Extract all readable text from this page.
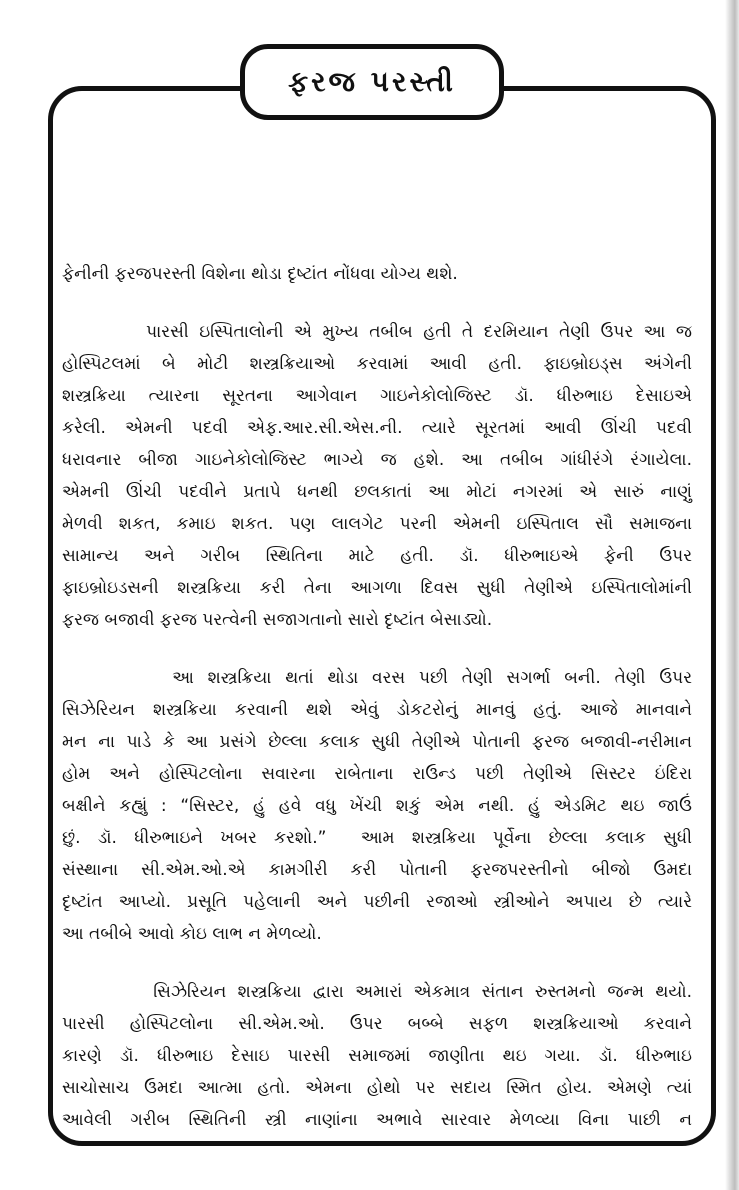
ફરજ પરસ્તી

ફેનીની ફરજપરસ્તી વિશેના થોડા દૃષ્ટાંત નોંધવા યોગ્ય થશે.

પારસી ઇસ્પિતાલોની એ મુખ્ય તબીબ હતી તે દરમિયાન તેણી ઉપર આ જ
હોસ્પિટલમાં બે મોટી શસ્ત્રક્રિયાઓ કરવામાં આવી હતી. ફાઇબ્રોઇડ્સ અંગેની
શસ્ત્રક્રિયા ત્યારના સૂરતના આગેવાન ગાઇનેકોલોજિસ્ટ ડૉ. ધીરુભાઇ દેસાઇએ
કરેલી. એમની પદવી એફ.આર.સી.એસ.ની. ત્યારે સૂરતમાં આવી ઊંચી પદવી
ધરાવનાર બીજા ગાઇનેકોલોજિસ્ટ ભાગ્યે જ હશે. આ તબીબ ગાંધીરંગે રંગાયેલા.
એમની ઊંચી પદવીને પ્રતાપે ધનથી છલકાતાં આ મોટાં નગરમાં એ સારું નાણું
મેળવી શકત, કમાઇ શકત. પણ લાલગેટ પરની એમની ઇસ્પિતાલ સૌ સમાજના
સામાન્ય અને ગરીબ સ્થિતિના માટે હતી. ડૉ. ધીરુભાઇએ ફેની ઉપર
ફાઇબ્રોઇડસની શસ્ત્રક્રિયા કરી તેના આગળા દિવસ સુધી તેણીએ ઇસ્પિતાલોમાંની
ફરજ બજાવી ફરજ પરત્વેની સજાગતાનો સારો દૃષ્ટાંત બેસાડ્યો.

આ શસ્ત્રક્રિયા થતાં થોડા વરસ પછી તેણી સગર્ભા બની. તેણી ઉપર
સિઝેરિયન શસ્ત્રક્રિયા કરવાની થશે એવું ડોકટરોનું માનવું હતું. આજે માનવાને
મન ના પાડે કે આ પ્રસંગે છેલ્લા કલાક સુધી તેણીએ પોતાની ફરજ બજાવી-નરીમાન
હોમ અને હોસ્પિટલોના સવારના રાબેતાના રાઉન્ડ પછી તેણીએ સિસ્ટર ઇંદિરા
બક્ષીને કહ્યું : “સિસ્ટર, હું હવે વધુ ખેંચી શકું એમ નથી. હું એડમિટ થઇ જાઉં
છું. ડૉ. ધીરુભાઇને ખબર કરશો.”  આમ શસ્ત્રક્રિયા પૂર્વેના છેલ્લા કલાક સુધી
સંસ્થાના સી.એમ.ઓ.એ કામગીરી કરી પોતાની ફરજપરસ્તીનો બીજો ઉમદા
દૃષ્ટાંત આપ્યો. પ્રસૂતિ પહેલાની અને પછીની રજાઓ સ્ત્રીઓને અપાય છે ત્યારે
આ તબીબે આવો કોઇ લાભ ન મેળવ્યો.

સિઝેરિયન શસ્ત્રક્રિયા દ્વારા અમારાં એકમાત્ર સંતાન રુસ્તમનો જન્મ થયો.
પારસી હોસ્પિટલોના સી.એમ.ઓ. ઉપર બબ્બે સફળ શસ્ત્રક્રિયાઓ કરવાને
કારણે ડૉ. ધીરુભાઇ દેસાઇ પારસી સમાજમાં જાણીતા થઇ ગયા. ડૉ. ધીરુભાઇ
સાચોસાચ ઉમદા આત્મા હતો. એમના હોથો પર સદાય સ્મિત હોય. એમણે ત્યાં
આવેલી ગરીબ સ્થિતિની સ્ત્રી નાણાંના અભાવે સારવાર મેળવ્યા વિના પાછી ન
